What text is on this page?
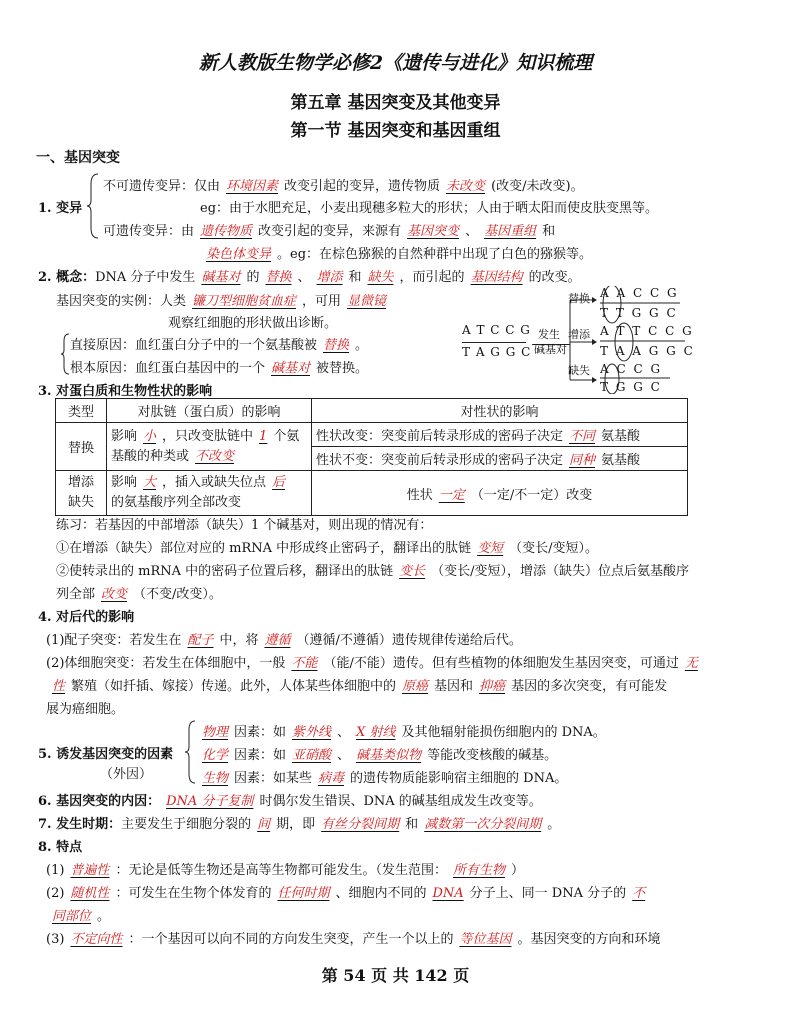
新人教版生物学必修2《遗传与进化》知识梳理
第五章 基因突变及其他变异
第一节 基因突变和基因重组
一、基因突变
1. 变异
不可遗传变异：仅由 环境因素 改变引起的变异，遗传物质 未改变 (改变/未改变)。
eg：由于水肥充足，小麦出现穗多粒大的形状；人由于晒太阳而使皮肤变黑等。
可遗传变异：由 遗传物质 改变引起的变异，来源有 基因突变 、 基因重组 和
染色体变异 。eg：在棕色猕猴的自然种群中出现了白色的猕猴等。
2. 概念：DNA 分子中发生 碱基对 的 替换 、 增添 和 缺失 ，而引起的 基因结构 的改变。
基因突变的实例：人类 镰刀型细胞贫血症 ，可用 显微镜
观察红细胞的形状做出诊断。
直接原因：血红蛋白分子中的一个氨基酸被 替换 。
根本原因：血红蛋白基因中的一个 碱基对 被替换。
A T C C G
T A G G C
发生
碱基对
替换 A A C C G
T T G G C
增添 A T T C C G
T A A G G C
缺失 A C C G
T G G C
3. 对蛋白质和生物性状的影响
类型	对肽链（蛋白质）的影响	对性状的影响
替换	影响 小 ，只改变肽链中 1 个氨
基酸的种类或 不改变	性状改变：突变前后转录形成的密码子决定 不同 氨基酸
		性状不变：突变前后转录形成的密码子决定 同种 氨基酸
增添
缺失	影响 大 ，插入或缺失位点 后
的氨基酸序列全部改变	性状 一定 （一定/不一定）改变
练习：若基因的中部增添（缺失）1 个碱基对，则出现的情况有：
①在增添（缺失）部位对应的 mRNA 中形成终止密码子，翻译出的肽链 变短 （变长/变短）。
②使转录出的 mRNA 中的密码子位置后移，翻译出的肽链 变长 （变长/变短），增添（缺失）位点后氨基酸序
列全部 改变 （不变/改变）。
4. 对后代的影响
(1)配子突变：若发生在 配子 中，将 遵循 （遵循/不遵循）遗传规律传递给后代。
(2)体细胞突变：若发生在体细胞中，一般 不能 （能/不能）遗传。但有些植物的体细胞发生基因突变，可通过 无
性 繁殖（如扦插、嫁接）传递。此外，人体某些体细胞中的 原癌 基因和 抑癌 基因的多次突变，有可能发
展为癌细胞。
5. 诱发基因突变的因素
（外因）
物理 因素：如 紫外线 、 X 射线 及其他辐射能损伤细胞内的 DNA。
化学 因素：如 亚硝酸 、 碱基类似物 等能改变核酸的碱基。
生物 因素：如某些 病毒 的遗传物质能影响宿主细胞的 DNA。
6. 基因突变的内因： DNA 分子复制 时偶尔发生错误、DNA 的碱基组成发生改变等。
7. 发生时期：主要发生于细胞分裂的 间 期，即 有丝分裂间期 和 减数第一次分裂间期 。
8. 特点
(1) 普遍性 ：无论是低等生物还是高等生物都可能发生。（发生范围： 所有生物 ）
(2) 随机性 ：可发生在生物个体发育的 任何时期 、细胞内不同的 DNA 分子上、同一 DNA 分子的 不
同部位 。
(3) 不定向性 ：一个基因可以向不同的方向发生突变，产生一个以上的 等位基因 。基因突变的方向和环境
第 54 页 共 142 页
